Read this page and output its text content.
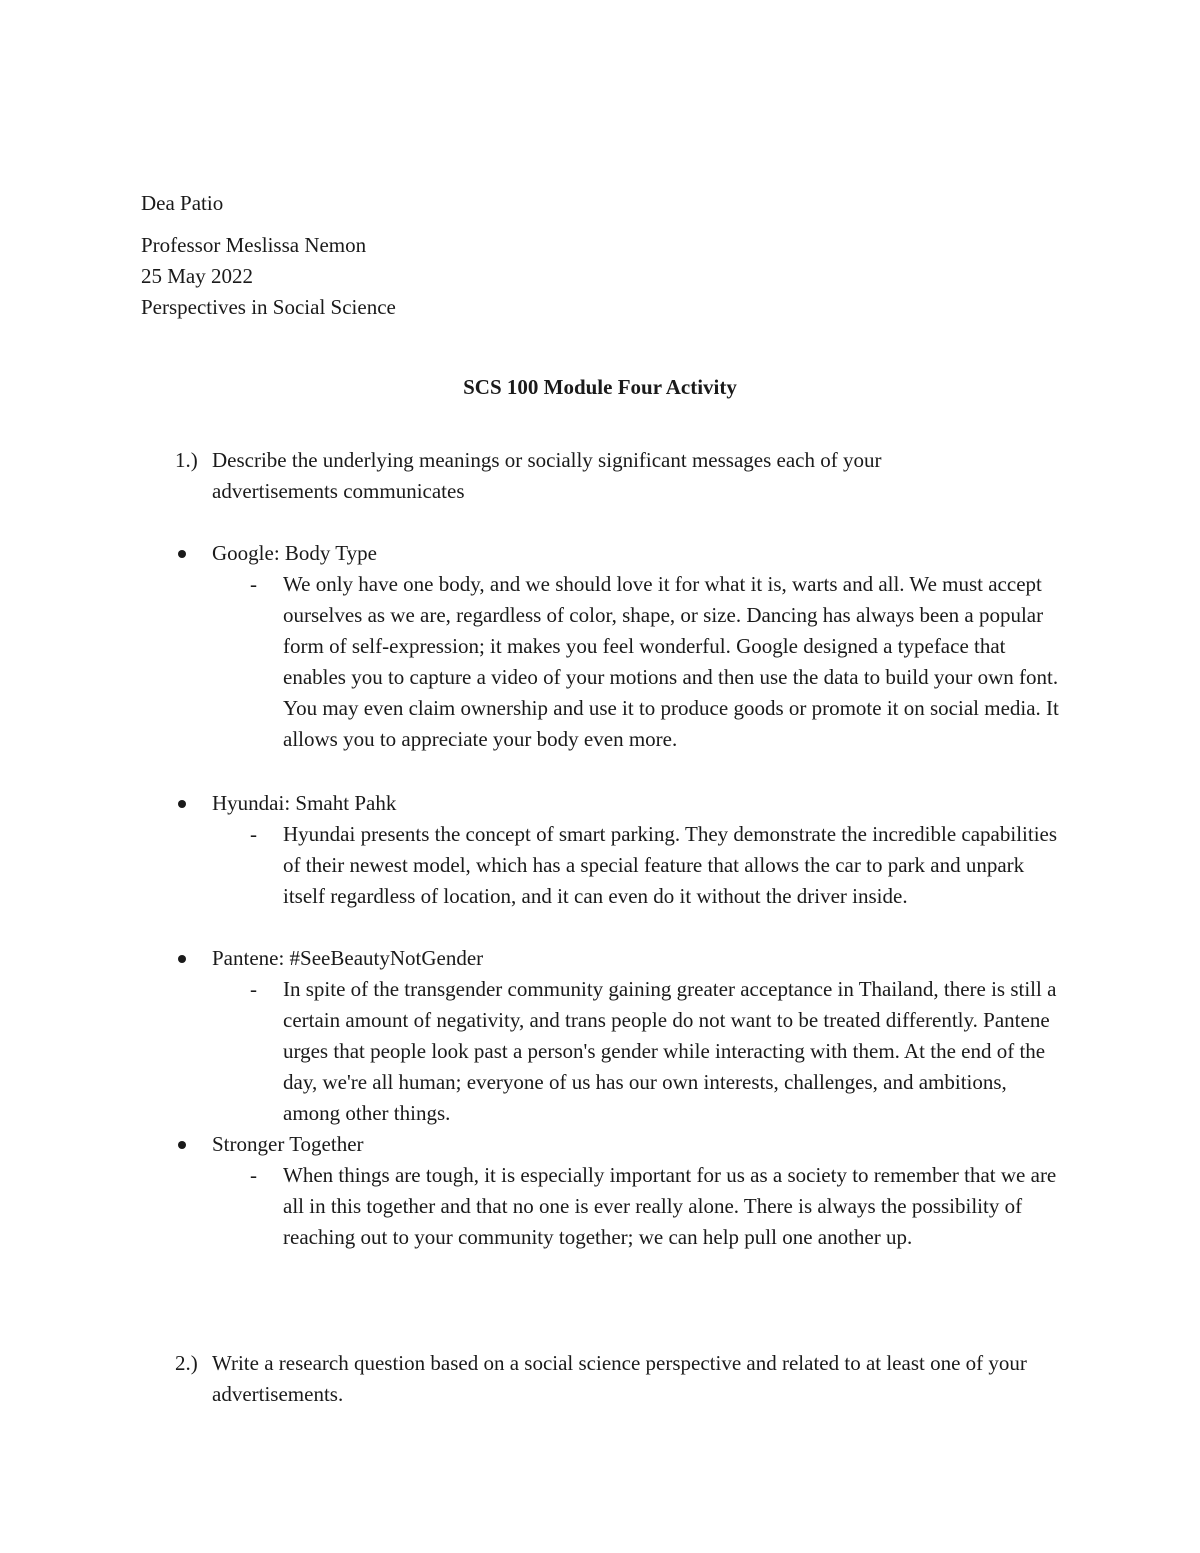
Dea Patio
Professor Meslissa Nemon
25 May 2022
Perspectives in Social Science
SCS 100 Module Four Activity
1.) Describe the underlying meanings or socially significant messages each of your advertisements communicates

Google: Body Type
- We only have one body, and we should love it for what it is, warts and all. We must accept ourselves as we are, regardless of color, shape, or size. Dancing has always been a popular form of self-expression; it makes you feel wonderful. Google designed a typeface that enables you to capture a video of your motions and then use the data to build your own font. You may even claim ownership and use it to produce goods or promote it on social media. It allows you to appreciate your body even more.

Hyundai: Smaht Pahk
- Hyundai presents the concept of smart parking. They demonstrate the incredible capabilities of their newest model, which has a special feature that allows the car to park and unpark itself regardless of location, and it can even do it without the driver inside.

Pantene: #SeeBeautyNotGender
- In spite of the transgender community gaining greater acceptance in Thailand, there is still a certain amount of negativity, and trans people do not want to be treated differently. Pantene urges that people look past a person's gender while interacting with them. At the end of the day, we're all human; everyone of us has our own interests, challenges, and ambitions, among other things.

Stronger Together
- When things are tough, it is especially important for us as a society to remember that we are all in this together and that no one is ever really alone. There is always the possibility of reaching out to your community together; we can help pull one another up.

2.) Write a research question based on a social science perspective and related to at least one of your advertisements.
